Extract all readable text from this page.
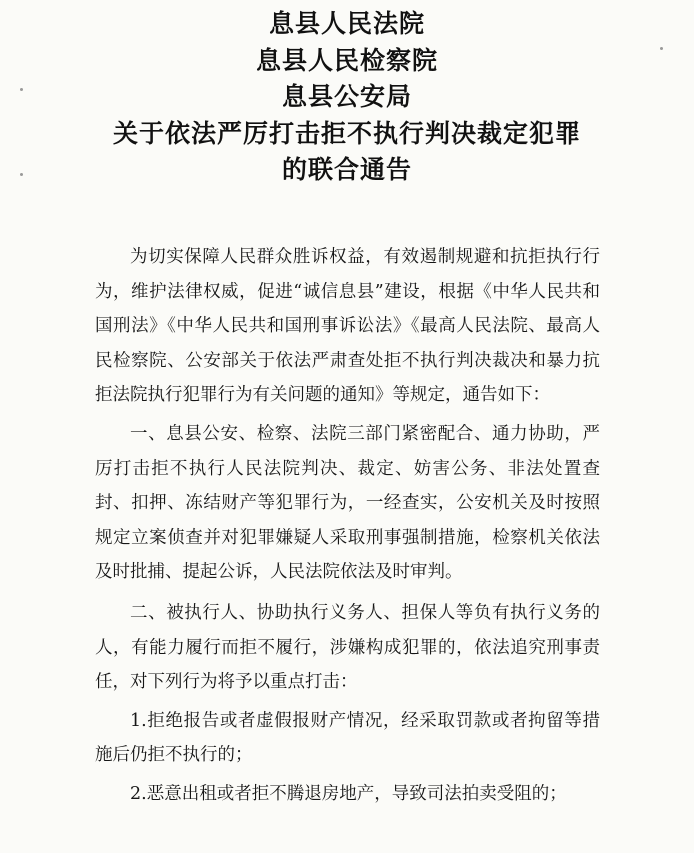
息县人民法院
息县人民检察院
息县公安局
关于依法严厉打击拒不执行判决裁定犯罪
的联合通告

为切实保障人民群众胜诉权益，有效遏制规避和抗拒执行行为，维护法律权威，促进“诚信息县”建设，根据《中华人民共和国刑法》《中华人民共和国刑事诉讼法》《最高人民法院、最高人民检察院、公安部关于依法严肃查处拒不执行判决裁决和暴力抗拒法院执行犯罪行为有关问题的通知》等规定，通告如下：

一、息县公安、检察、法院三部门紧密配合、通力协助，严厉打击拒不执行人民法院判决、裁定、妨害公务、非法处置查封、扣押、冻结财产等犯罪行为，一经查实，公安机关及时按照规定立案侦查并对犯罪嫌疑人采取刑事强制措施，检察机关依法及时批捕、提起公诉，人民法院依法及时审判。

二、被执行人、协助执行义务人、担保人等负有执行义务的人，有能力履行而拒不履行，涉嫌构成犯罪的，依法追究刑事责任，对下列行为将予以重点打击：

1.拒绝报告或者虚假报财产情况，经采取罚款或者拘留等措施后仍拒不执行的；

2.恶意出租或者拒不腾退房地产，导致司法拍卖受阻的；
